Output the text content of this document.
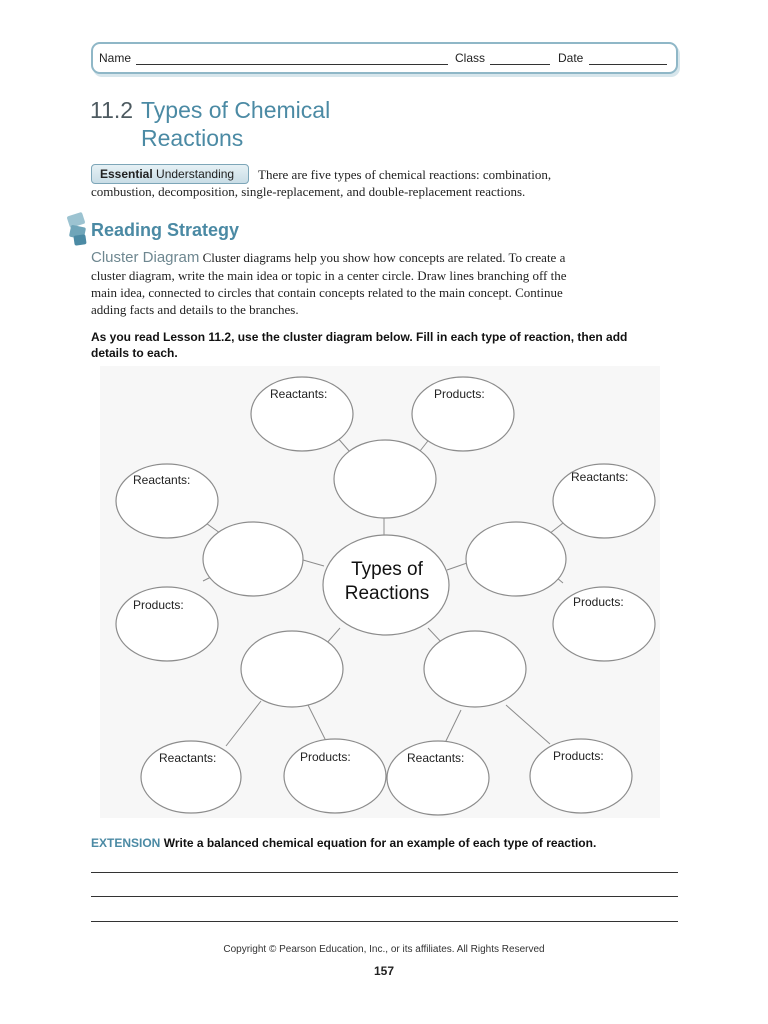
Name	Class	Date
11.2 Types of Chemical
Reactions
Essential Understanding	There are five types of chemical reactions: combination,
combustion, decomposition, single-replacement, and double-replacement reactions.
Reading Strategy
Cluster Diagram Cluster diagrams help you show how concepts are related. To create a
cluster diagram, write the main idea or topic in a center circle. Draw lines branching off the
main idea, connected to circles that contain concepts related to the main concept. Continue
adding facts and details to the branches.
As you read Lesson 11.2, use the cluster diagram below. Fill in each type of reaction, then add
details to each.
Types of
Reactions
Reactants:	Products:
Reactants:
Products:
Reactants:
Products:
Reactants:	Products:	Reactants:	Products:
EXTENSION Write a balanced chemical equation for an example of each type of reaction.
Copyright © Pearson Education, Inc., or its affiliates. All Rights Reserved
157
